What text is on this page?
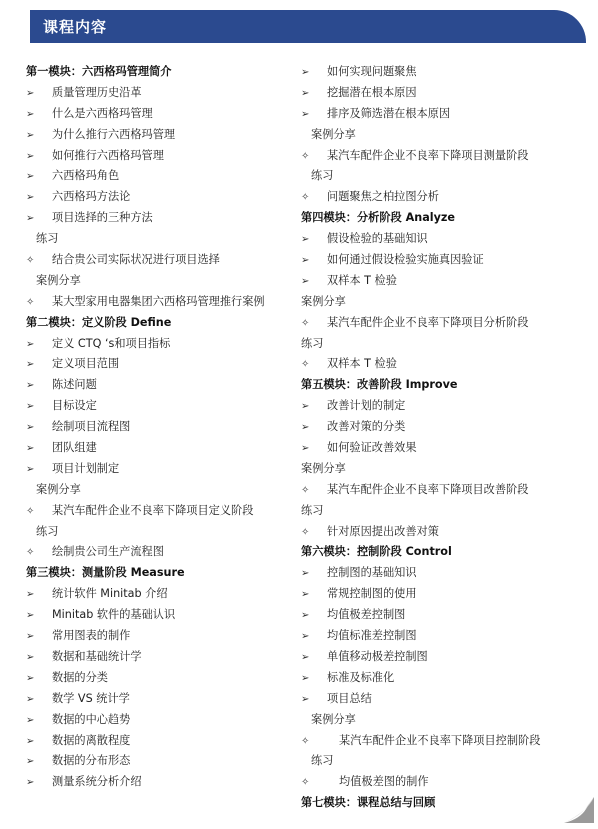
课程内容
第一模块：六西格玛管理简介
➢ 质量管理历史沿革
➢ 什么是六西格玛管理
➢ 为什么推行六西格玛管理
➢ 如何推行六西格玛管理
➢ 六西格玛角色
➢ 六西格玛方法论
➢ 项目选择的三种方法
练习
✧ 结合贵公司实际状况进行项目选择
案例分享
✧ 某大型家用电器集团六西格玛管理推行案例
第二模块：定义阶段 Define
➢ 定义 CTQ ‘s和项目指标
➢ 定义项目范围
➢ 陈述问题
➢ 目标设定
➢ 绘制项目流程图
➢ 团队组建
➢ 项目计划制定
案例分享
✧ 某汽车配件企业不良率下降项目定义阶段
练习
✧ 绘制贵公司生产流程图
第三模块：测量阶段 Measure
➢ 统计软件 Minitab 介绍
➢ Minitab 软件的基础认识
➢ 常用图表的制作
➢ 数据和基础统计学
➢ 数据的分类
➢ 数学 VS 统计学
➢ 数据的中心趋势
➢ 数据的离散程度
➢ 数据的分布形态
➢ 测量系统分析介绍
➢ 如何实现问题聚焦
➢ 挖掘潜在根本原因
➢ 排序及筛选潜在根本原因
案例分享
✧ 某汽车配件企业不良率下降项目测量阶段
练习
✧ 问题聚焦之柏拉图分析
第四模块：分析阶段 Analyze
➢ 假设检验的基础知识
➢ 如何通过假设检验实施真因验证
➢ 双样本 T 检验
案例分享
✧ 某汽车配件企业不良率下降项目分析阶段
练习
✧ 双样本 T 检验
第五模块：改善阶段 Improve
➢ 改善计划的制定
➢ 改善对策的分类
➢ 如何验证改善效果
案例分享
✧ 某汽车配件企业不良率下降项目改善阶段
练习
✧ 针对原因提出改善对策
第六模块：控制阶段 Control
➢ 控制图的基础知识
➢ 常规控制图的使用
➢ 均值极差控制图
➢ 均值标准差控制图
➢ 单值移动极差控制图
➢ 标准及标准化
➢ 项目总结
案例分享
✧	某汽车配件企业不良率下降项目控制阶段
练习
✧	均值极差图的制作
第七模块：课程总结与回顾
